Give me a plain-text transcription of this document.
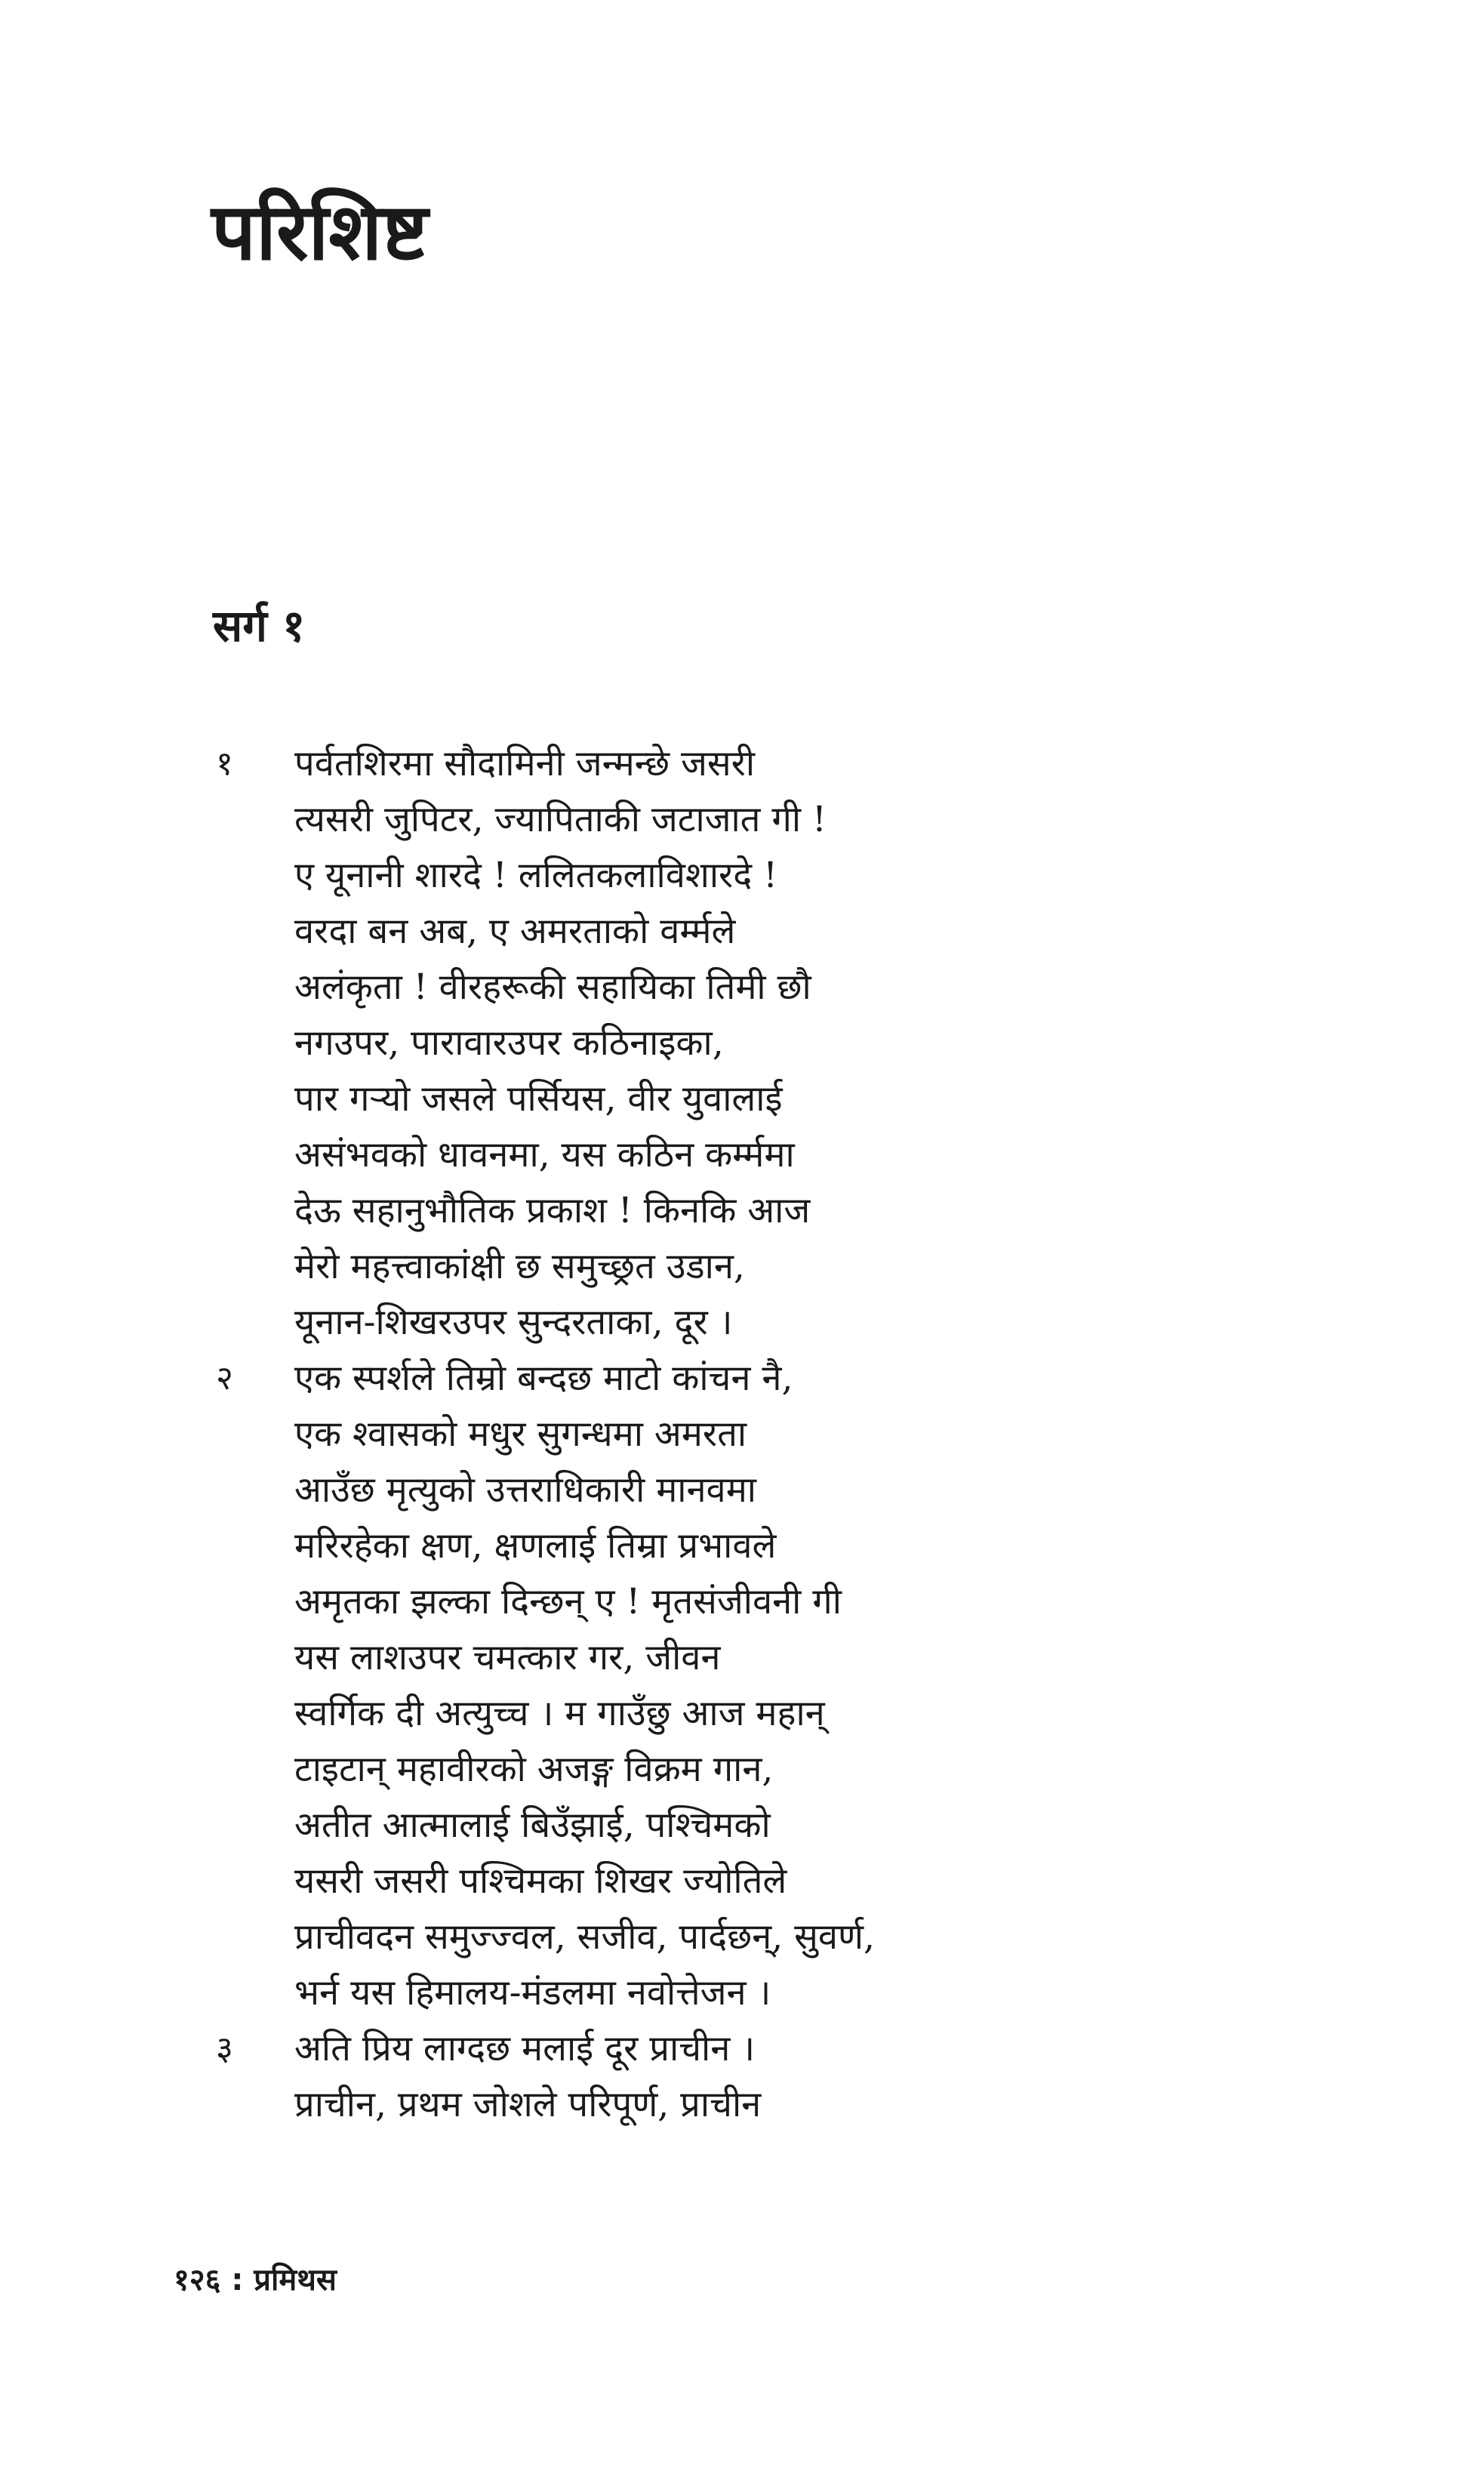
परिशिष्ट
सर्ग १
१	पर्वतशिरमा सौदामिनी जन्मन्छे जसरी
त्यसरी जुपिटर, ज्यापिताकी जटाजात गी !
ए यूनानी शारदे ! ललितकलाविशारदे !
वरदा बन अब, ए अमरताको वर्म्मले
अलंकृता ! वीरहरूकी सहायिका तिमी छौ
नगउपर, पारावारउपर कठिनाइका,
पार गऱ्यो जसले पर्सियस, वीर युवालाई
असंभवको धावनमा, यस कठिन कर्म्ममा
देऊ सहानुभौतिक प्रकाश ! किनकि आज
मेरो महत्त्वाकांक्षी छ समुच्छ्रत उडान,
यूनान-शिखरउपर सुन्दरताका, दूर ।
२	एक स्पर्शले तिम्रो बन्दछ माटो कांचन नै,
एक श्वासको मधुर सुगन्धमा अमरता
आउँछ मृत्युको उत्तराधिकारी मानवमा
मरिरहेका क्षण, क्षणलाई तिम्रा प्रभावले
अमृतका झल्का दिन्छन् ए ! मृतसंजीवनी गी
यस लाशउपर चमत्कार गर, जीवन
स्वर्गिक दी अत्युच्च । म गाउँछु आज महान्
टाइटान् महावीरको अजङ्ग विक्रम गान,
अतीत आत्मालाई बिउँझाई, पश्चिमको
यसरी जसरी पश्चिमका शिखर ज्योतिले
प्राचीवदन समुज्ज्वल, सजीव, पार्दछन्, सुवर्ण,
भर्न यस हिमालय-मंडलमा नवोत्तेजन ।
३	अति प्रिय लाग्दछ मलाई दूर प्राचीन ।
प्राचीन, प्रथम जोशले परिपूर्ण, प्राचीन
१२६ : प्रमिथस
